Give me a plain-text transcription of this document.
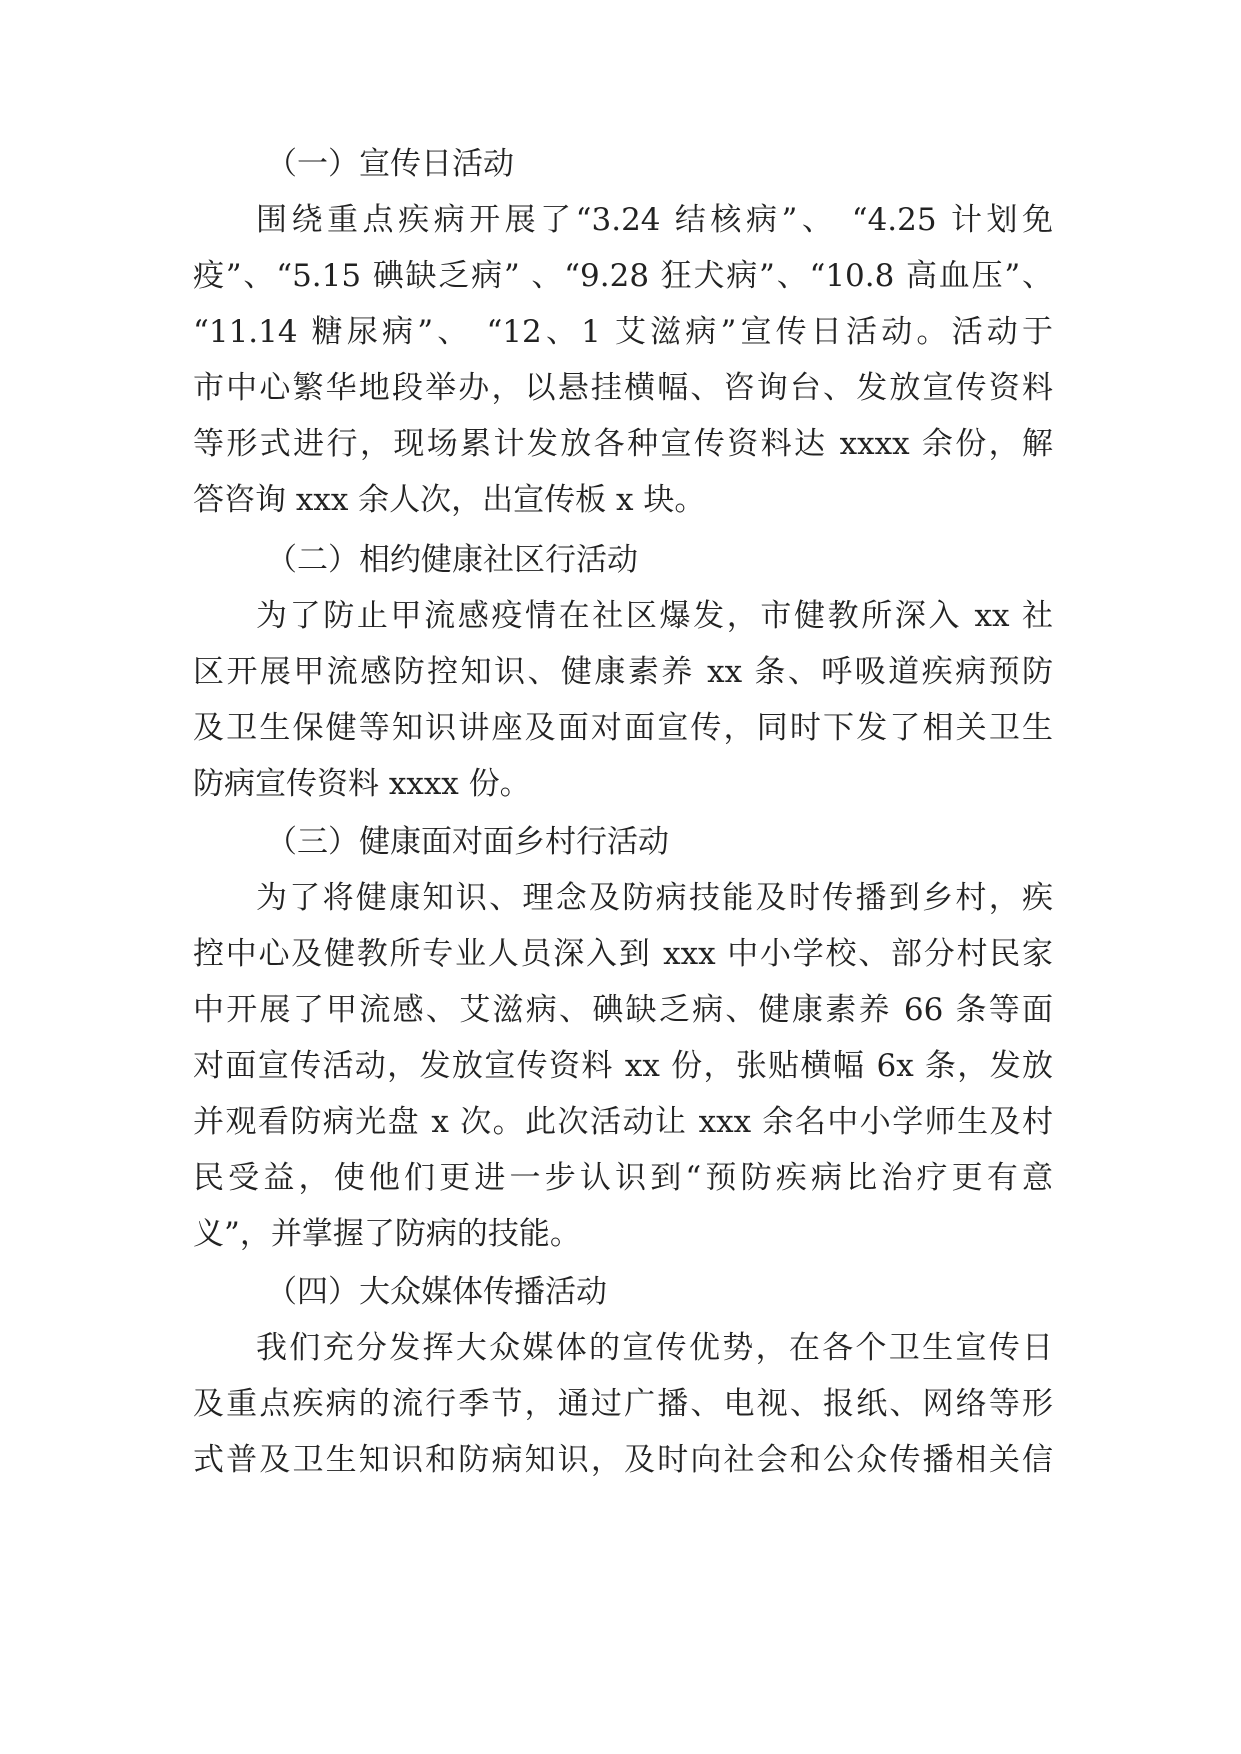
（一）宣传日活动
围绕重点疾病开展了“3.24 结核病”、 “4.25 计划免
疫”、“5.15 碘缺乏病” 、“9.28 狂犬病”、“10.8 高血压”、
“11.14 糖尿病”、 “12、1 艾滋病”宣传日活动。活动于
市中心繁华地段举办，以悬挂横幅、咨询台、发放宣传资料
等形式进行，现场累计发放各种宣传资料达 xxxx 余份，解
答咨询 xxx 余人次，出宣传板 x 块。
（二）相约健康社区行活动
为了防止甲流感疫情在社区爆发，市健教所深入 xx 社
区开展甲流感防控知识、健康素养 xx 条、呼吸道疾病预防
及卫生保健等知识讲座及面对面宣传，同时下发了相关卫生
防病宣传资料 xxxx 份。
（三）健康面对面乡村行活动
为了将健康知识、理念及防病技能及时传播到乡村，疾
控中心及健教所专业人员深入到 xxx 中小学校、部分村民家
中开展了甲流感、艾滋病、碘缺乏病、健康素养 66 条等面
对面宣传活动，发放宣传资料 xx 份，张贴横幅 6x 条，发放
并观看防病光盘 x 次。此次活动让 xxx 余名中小学师生及村
民受益，使他们更进一步认识到“预防疾病比治疗更有意
义”，并掌握了防病的技能。
（四）大众媒体传播活动
我们充分发挥大众媒体的宣传优势，在各个卫生宣传日
及重点疾病的流行季节，通过广播、电视、报纸、网络等形
式普及卫生知识和防病知识，及时向社会和公众传播相关信
